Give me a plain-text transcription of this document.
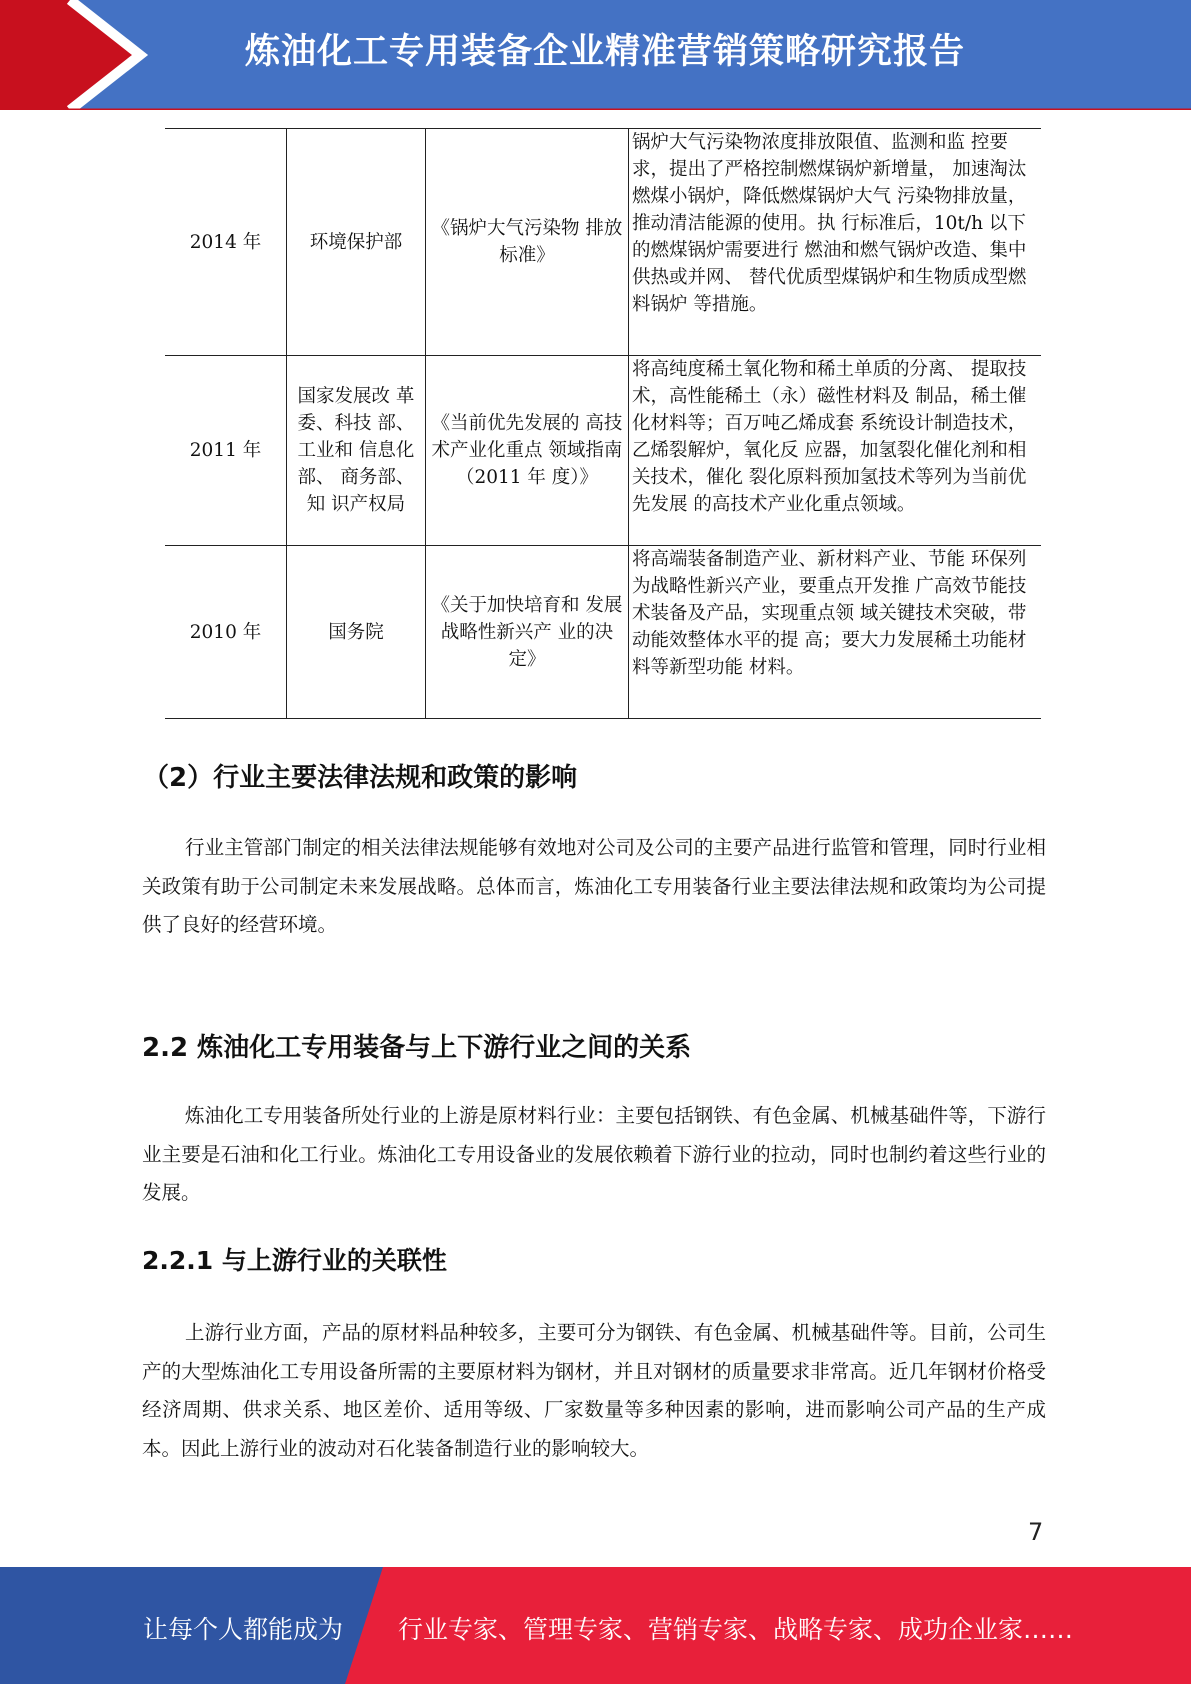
炼油化工专用装备企业精准营销策略研究报告
2014 年	环境保护部	《锅炉大气污染物 排放标准》	锅炉大气污染物浓度排放限值、监测和监 控要求，提出了严格控制燃煤锅炉新增量， 加速淘汰燃煤小锅炉，降低燃煤锅炉大气 污染物排放量，推动清洁能源的使用。执 行标准后，10t/h 以下的燃煤锅炉需要进行 燃油和燃气锅炉改造、集中供热或并网、 替代优质型煤锅炉和生物质成型燃料锅炉 等措施。
2011 年	国家发展改 革委、科技 部、工业和 信息化部、 商务部、知 识产权局	《当前优先发展的 高技术产业化重点 领域指南（2011 年 度）》	将高纯度稀土氧化物和稀土单质的分离、 提取技术，高性能稀土（永）磁性材料及 制品，稀土催化材料等；百万吨乙烯成套 系统设计制造技术，乙烯裂解炉，氧化反 应器，加氢裂化催化剂和相关技术，催化 裂化原料预加氢技术等列为当前优先发展 的高技术产业化重点领域。
2010 年	国务院	《关于加快培育和 发展战略性新兴产 业的决定》	将高端装备制造产业、新材料产业、节能 环保列为战略性新兴产业，要重点开发推 广高效节能技术装备及产品，实现重点领 域关键技术突破，带动能效整体水平的提 高；要大力发展稀土功能材料等新型功能 材料。
（2）行业主要法律法规和政策的影响

行业主管部门制定的相关法律法规能够有效地对公司及公司的主要产品进行监管和管理，同时行业相关政策有助于公司制定未来发展战略。总体而言，炼油化工专用装备行业主要法律法规和政策均为公司提供了良好的经营环境。

2.2 炼油化工专用装备与上下游行业之间的关系

炼油化工专用装备所处行业的上游是原材料行业：主要包括钢铁、有色金属、机械基础件等，下游行业主要是石油和化工行业。炼油化工专用设备业的发展依赖着下游行业的拉动，同时也制约着这些行业的发展。

2.2.1 与上游行业的关联性

上游行业方面，产品的原材料品种较多，主要可分为钢铁、有色金属、机械基础件等。目前，公司生产的大型炼油化工专用设备所需的主要原材料为钢材，并且对钢材的质量要求非常高。近几年钢材价格受经济周期、供求关系、地区差价、适用等级、厂家数量等多种因素的影响，进而影响公司产品的生产成本。因此上游行业的波动对石化装备制造行业的影响较大。

7
让每个人都能成为 行业专家、管理专家、营销专家、战略专家、成功企业家……
